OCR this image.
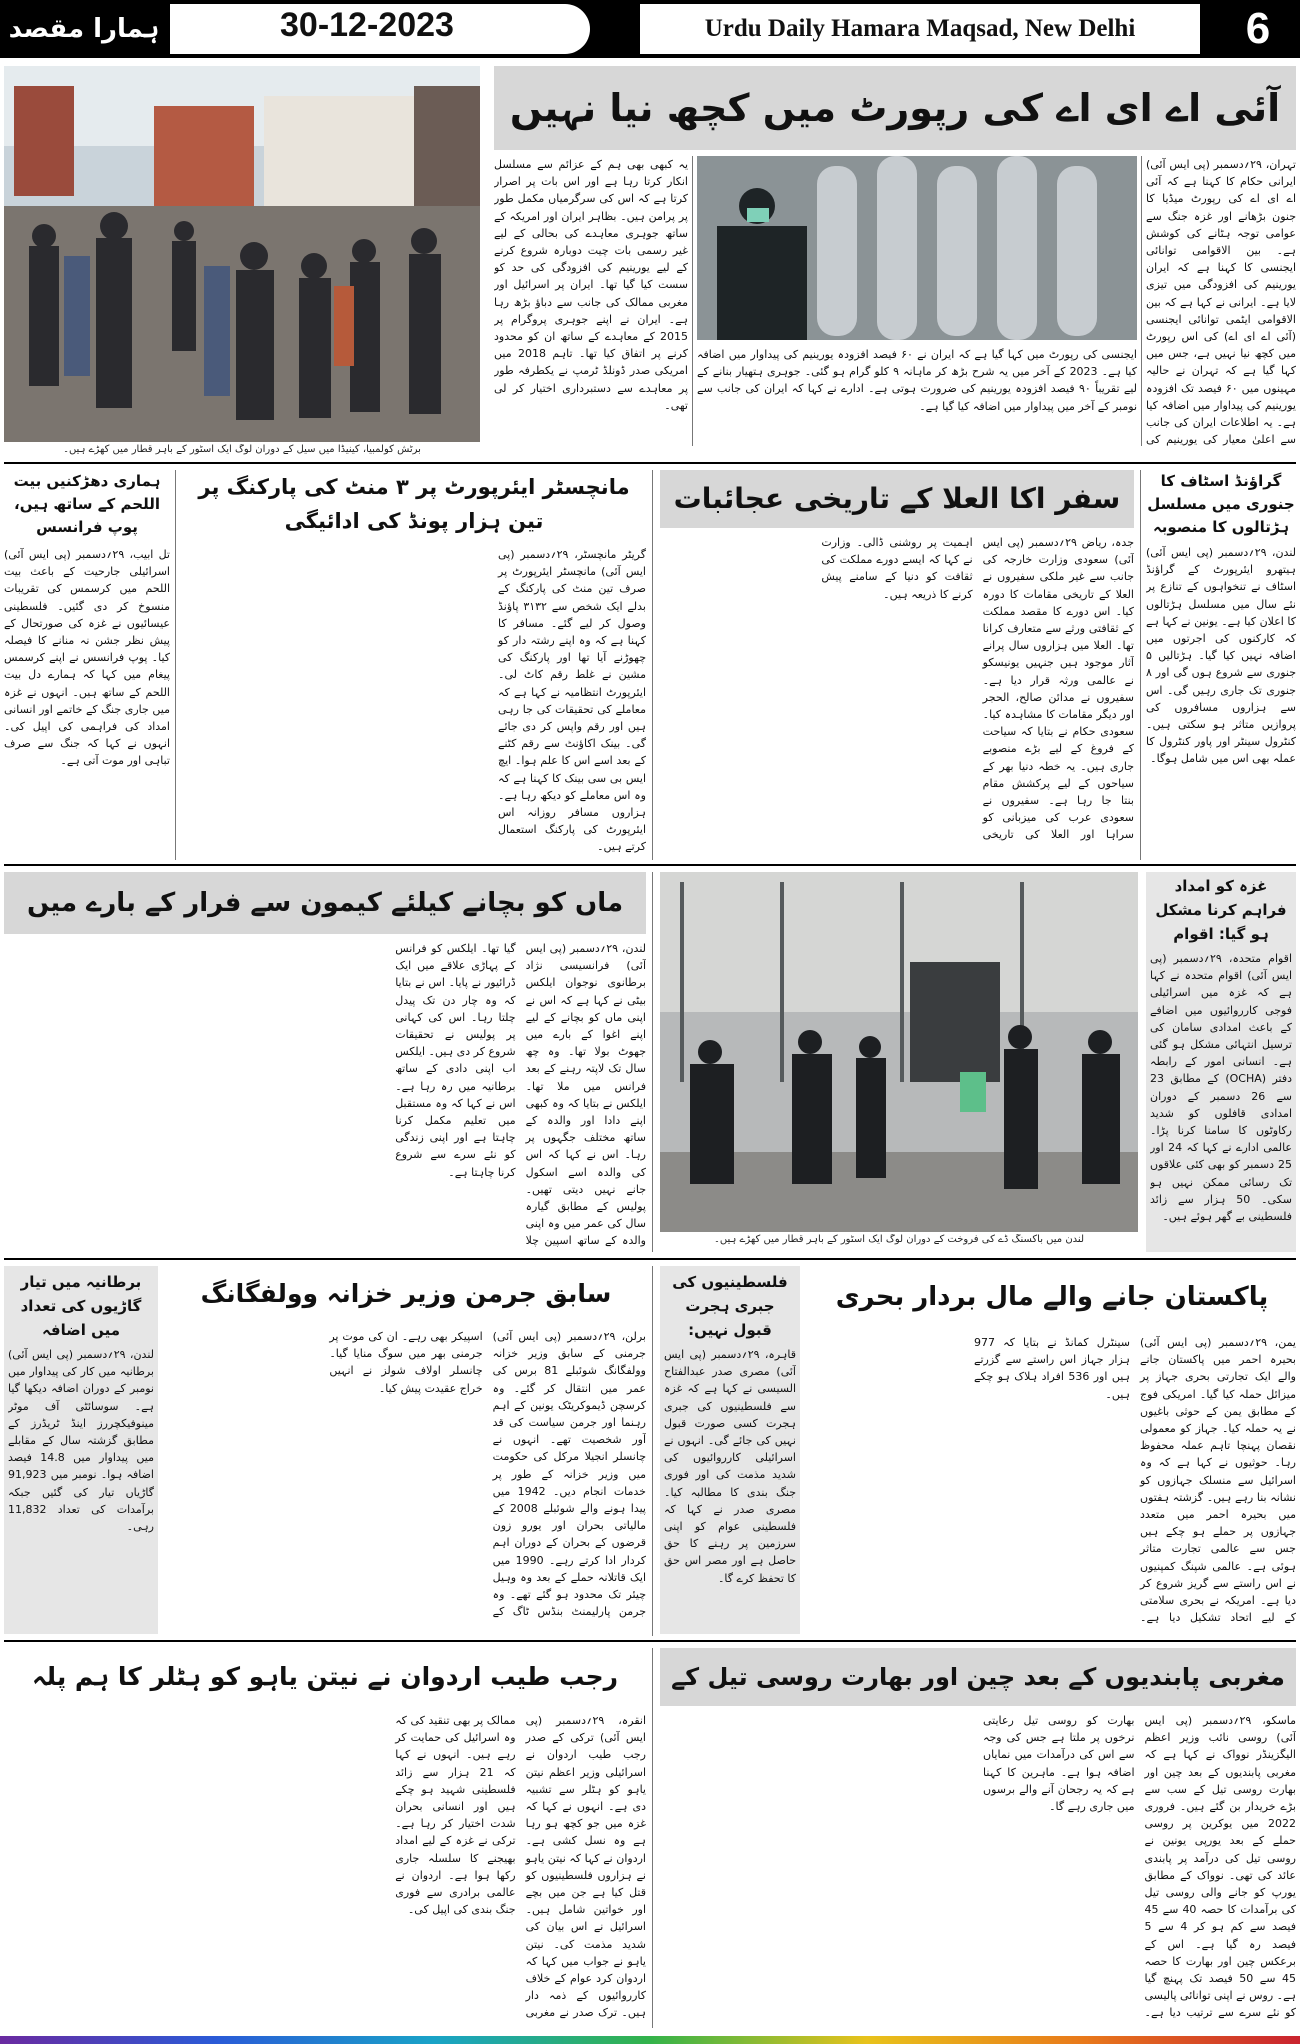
ہمارا مقصد	30-12-2023	Urdu Daily Hamara Maqsad, New Delhi	6
برٹش کولمبیا، کینیڈا میں سیل کے دوران لوگ ایک اسٹور کے باہر قطار میں کھڑے ہیں۔
آئی اے ای اے کی رپورٹ میں کچھ نیا نہیں
تہران، ۲۹؍دسمبر (پی ایس آئی) ایرانی حکام کا کہنا ہے کہ آئی اے ای اے کی رپورٹ میڈیا کا جنون بڑھانے اور غزہ جنگ سے عوامی توجہ ہٹانے کی کوشش ہے۔ بین الاقوامی توانائی ایجنسی کا کہنا ہے کہ ایران یورینیم کی افزودگی میں تیزی لایا ہے۔ ایرانی نے کہا ہے کہ بین الاقوامی ایٹمی توانائی ایجنسی (آئی اے ای اے) کی اس رپورٹ میں کچھ نیا نہیں ہے، جس میں کہا گیا ہے کہ تہران نے حالیہ مہینوں میں ۶۰ فیصد تک افزودہ یورینیم کی پیداوار میں اضافہ کیا ہے۔ یہ اطلاعات ایران کی جانب سے اعلیٰ معیار کی یورینیم کی
ایجنسی کی رپورٹ میں کہا گیا ہے کہ ایران نے ۶۰ فیصد افزودہ یورینیم کی پیداوار میں اضافہ کیا ہے۔ 2023 کے آخر میں یہ شرح بڑھ کر ماہانہ ۹ کلو گرام ہو گئی۔ جوہری ہتھیار بنانے کے لیے تقریباً ۹۰ فیصد افزودہ یورینیم کی ضرورت ہوتی ہے۔ ادارے نے کہا کہ ایران کی جانب سے نومبر کے آخر میں پیداوار میں اضافہ کیا گیا ہے۔
یہ کبھی بھی ہم کے عزائم سے مسلسل انکار کرتا رہا ہے اور اس بات پر اصرار کرتا ہے کہ اس کی سرگرمیاں مکمل طور پر پرامن ہیں۔ بظاہر ایران اور امریکہ کے ساتھ جوہری معاہدے کی بحالی کے لیے غیر رسمی بات چیت دوبارہ شروع کرنے کے لیے یورینیم کی افزودگی کی حد کو سست کیا گیا تھا۔ ایران پر اسرائیل اور مغربی ممالک کی جانب سے دباؤ بڑھ رہا ہے۔ ایران نے اپنے جوہری پروگرام پر 2015 کے معاہدے کے ساتھ ان کو محدود کرنے پر اتفاق کیا تھا۔ تاہم 2018 میں امریکی صدر ڈونلڈ ٹرمپ نے یکطرفہ طور پر معاہدے سے دستبرداری اختیار کر لی تھی۔
گراؤنڈ اسٹاف کا جنوری میں مسلسل ہڑتالوں کا منصوبہ
لندن، ۲۹؍دسمبر (پی ایس آئی) ہیتھرو ایئرپورٹ کے گراؤنڈ اسٹاف نے تنخواہوں کے تنازع پر نئے سال میں مسلسل ہڑتالوں کا اعلان کیا ہے۔ یونین نے کہا ہے کہ کارکنوں کی اجرتوں میں اضافہ نہیں کیا گیا۔ ہڑتالیں ۵ جنوری سے شروع ہوں گی اور ۸ جنوری تک جاری رہیں گی۔ اس سے ہزاروں مسافروں کی پروازیں متاثر ہو سکتی ہیں۔ کنٹرول سینٹر اور پاور کنٹرول کا عملہ بھی اس میں شامل ہوگا۔
سفر اکا العلا کے تاریخی عجائبات
جدہ، ریاض ۲۹؍دسمبر (پی ایس آئی) سعودی وزارت خارجہ کی جانب سے غیر ملکی سفیروں نے العلا کے تاریخی مقامات کا دورہ کیا۔ اس دورے کا مقصد مملکت کے ثقافتی ورثے سے متعارف کرانا تھا۔ العلا میں ہزاروں سال پرانے آثار موجود ہیں جنہیں یونیسکو نے عالمی ورثہ قرار دیا ہے۔ سفیروں نے مدائن صالح، الحجر اور دیگر مقامات کا مشاہدہ کیا۔ سعودی حکام نے بتایا کہ سیاحت کے فروغ کے لیے بڑے منصوبے جاری ہیں۔ یہ خطہ دنیا بھر کے سیاحوں کے لیے پرکشش مقام بنتا جا رہا ہے۔ سفیروں نے سعودی عرب کی میزبانی کو سراہا اور العلا کی تاریخی اہمیت پر روشنی ڈالی۔ وزارت نے کہا کہ ایسے دورے مملکت کی ثقافت کو دنیا کے سامنے پیش کرنے کا ذریعہ ہیں۔
مانچسٹر ایئرپورٹ پر ۳ منٹ کی پارکنگ پر تین ہزار پونڈ کی ادائیگی
گریٹر مانچسٹر، ۲۹؍دسمبر (پی ایس آئی) مانچسٹر ایئرپورٹ پر صرف تین منٹ کی پارکنگ کے بدلے ایک شخص سے ۳۱۳۲ پاؤنڈ وصول کر لیے گئے۔ مسافر کا کہنا ہے کہ وہ اپنے رشتہ دار کو چھوڑنے آیا تھا اور پارکنگ کی مشین نے غلط رقم کاٹ لی۔ ایئرپورٹ انتظامیہ نے کہا ہے کہ معاملے کی تحقیقات کی جا رہی ہیں اور رقم واپس کر دی جائے گی۔ بینک اکاؤنٹ سے رقم کٹنے کے بعد اسے اس کا علم ہوا۔ ایچ ایس بی سی بینک کا کہنا ہے کہ وہ اس معاملے کو دیکھ رہا ہے۔ ہزاروں مسافر روزانہ اس ایئرپورٹ کی پارکنگ استعمال کرتے ہیں۔
ہماری دھڑکنیں بیت اللحم کے ساتھ ہیں، پوپ فرانسس
تل ابیب، ۲۹؍دسمبر (پی ایس آئی) اسرائیلی جارحیت کے باعث بیت اللحم میں کرسمس کی تقریبات منسوخ کر دی گئیں۔ فلسطینی عیسائیوں نے غزہ کی صورتحال کے پیش نظر جشن نہ منانے کا فیصلہ کیا۔ پوپ فرانسس نے اپنے کرسمس پیغام میں کہا کہ ہمارے دل بیت اللحم کے ساتھ ہیں۔ انہوں نے غزہ میں جاری جنگ کے خاتمے اور انسانی امداد کی فراہمی کی اپیل کی۔ انہوں نے کہا کہ جنگ سے صرف تباہی اور موت آتی ہے۔
غزہ کو امداد فراہم کرنا مشکل ہو گیا: اقوام
اقوام متحدہ، ۲۹؍دسمبر (پی ایس آئی) اقوام متحدہ نے کہا ہے کہ غزہ میں اسرائیلی فوجی کارروائیوں میں اضافے کے باعث امدادی سامان کی ترسیل انتہائی مشکل ہو گئی ہے۔ انسانی امور کے رابطہ دفتر (OCHA) کے مطابق 23 سے 26 دسمبر کے دوران امدادی قافلوں کو شدید رکاوٹوں کا سامنا کرنا پڑا۔ عالمی ادارے نے کہا کہ 24 اور 25 دسمبر کو بھی کئی علاقوں تک رسائی ممکن نہیں ہو سکی۔ 50 ہزار سے زائد فلسطینی بے گھر ہوئے ہیں۔
لندن میں باکسنگ ڈے کی فروخت کے دوران لوگ ایک اسٹور کے باہر قطار میں کھڑے ہیں۔
ماں کو بچانے کیلئے کیمون سے فرار کے بارے میں
لندن، ۲۹؍دسمبر (پی ایس آئی) فرانسیسی نژاد برطانوی نوجوان ایلکس بیٹی نے کہا ہے کہ اس نے اپنی ماں کو بچانے کے لیے اپنے اغوا کے بارے میں جھوٹ بولا تھا۔ وہ چھ سال تک لاپتہ رہنے کے بعد فرانس میں ملا تھا۔ ایلکس نے بتایا کہ وہ کبھی اپنے دادا اور والدہ کے ساتھ مختلف جگہوں پر رہا۔ اس نے کہا کہ اس کی والدہ اسے اسکول جانے نہیں دیتی تھیں۔ پولیس کے مطابق گیارہ سال کی عمر میں وہ اپنی والدہ کے ساتھ اسپین چلا گیا تھا۔ ایلکس کو فرانس کے پہاڑی علاقے میں ایک ڈرائیور نے پایا۔ اس نے بتایا کہ وہ چار دن تک پیدل چلتا رہا۔ اس کی کہانی پر پولیس نے تحقیقات شروع کر دی ہیں۔ ایلکس اب اپنی دادی کے ساتھ برطانیہ میں رہ رہا ہے۔ اس نے کہا کہ وہ مستقبل میں تعلیم مکمل کرنا چاہتا ہے اور اپنی زندگی کو نئے سرے سے شروع کرنا چاہتا ہے۔
پاکستان جانے والے مال بردار بحری
یمن، ۲۹؍دسمبر (پی ایس آئی) بحیرہ احمر میں پاکستان جانے والے ایک تجارتی بحری جہاز پر میزائل حملہ کیا گیا۔ امریکی فوج کے مطابق یمن کے حوثی باغیوں نے یہ حملہ کیا۔ جہاز کو معمولی نقصان پہنچا تاہم عملہ محفوظ رہا۔ حوثیوں نے کہا ہے کہ وہ اسرائیل سے منسلک جہازوں کو نشانہ بنا رہے ہیں۔ گزشتہ ہفتوں میں بحیرہ احمر میں متعدد جہازوں پر حملے ہو چکے ہیں جس سے عالمی تجارت متاثر ہوئی ہے۔ عالمی شپنگ کمپنیوں نے اس راستے سے گریز شروع کر دیا ہے۔ امریکہ نے بحری سلامتی کے لیے اتحاد تشکیل دیا ہے۔ سینٹرل کمانڈ نے بتایا کہ 977 ہزار جہاز اس راستے سے گزرتے ہیں اور 536 افراد ہلاک ہو چکے ہیں۔
فلسطینیوں کی جبری ہجرت قبول نہیں:
قاہرہ، ۲۹؍دسمبر (پی ایس آئی) مصری صدر عبدالفتاح السیسی نے کہا ہے کہ غزہ سے فلسطینیوں کی جبری ہجرت کسی صورت قبول نہیں کی جائے گی۔ انہوں نے اسرائیلی کارروائیوں کی شدید مذمت کی اور فوری جنگ بندی کا مطالبہ کیا۔ مصری صدر نے کہا کہ فلسطینی عوام کو اپنی سرزمین پر رہنے کا حق حاصل ہے اور مصر اس حق کا تحفظ کرے گا۔
سابق جرمن وزیر خزانہ وولفگانگ
برلن، ۲۹؍دسمبر (پی ایس آئی) جرمنی کے سابق وزیر خزانہ وولفگانگ شوئبلے 81 برس کی عمر میں انتقال کر گئے۔ وہ کرسچن ڈیموکریٹک یونین کے اہم رہنما اور جرمن سیاست کی قد آور شخصیت تھے۔ انہوں نے چانسلر انجیلا مرکل کی حکومت میں وزیر خزانہ کے طور پر خدمات انجام دیں۔ 1942 میں پیدا ہونے والے شوئبلے 2008 کے مالیاتی بحران اور یورو زون قرضوں کے بحران کے دوران اہم کردار ادا کرتے رہے۔ 1990 میں ایک قاتلانہ حملے کے بعد وہ وہیل چیئر تک محدود ہو گئے تھے۔ وہ جرمن پارلیمنٹ بنڈس ٹاگ کے اسپیکر بھی رہے۔ ان کی موت پر جرمنی بھر میں سوگ منایا گیا۔ چانسلر اولاف شولز نے انہیں خراج عقیدت پیش کیا۔
برطانیہ میں تیار گاڑیوں کی تعداد میں اضافہ
لندن، ۲۹؍دسمبر (پی ایس آئی) برطانیہ میں کار کی پیداوار میں نومبر کے دوران اضافہ دیکھا گیا ہے۔ سوسائٹی آف موٹر مینوفیکچررز اینڈ ٹریڈرز کے مطابق گزشتہ سال کے مقابلے میں پیداوار میں 14.8 فیصد اضافہ ہوا۔ نومبر میں 91,923 گاڑیاں تیار کی گئیں جبکہ برآمدات کی تعداد 11,832 رہی۔
مغربی پابندیوں کے بعد چین اور بھارت روسی تیل کے
ماسکو، ۲۹؍دسمبر (پی ایس آئی) روسی نائب وزیر اعظم الیگزینڈر نوواک نے کہا ہے کہ مغربی پابندیوں کے بعد چین اور بھارت روسی تیل کے سب سے بڑے خریدار بن گئے ہیں۔ فروری 2022 میں یوکرین پر روسی حملے کے بعد یورپی یونین نے روسی تیل کی درآمد پر پابندی عائد کی تھی۔ نوواک کے مطابق یورپ کو جانے والی روسی تیل کی برآمدات کا حصہ 40 سے 45 فیصد سے کم ہو کر 4 سے 5 فیصد رہ گیا ہے۔ اس کے برعکس چین اور بھارت کا حصہ 45 سے 50 فیصد تک پہنچ گیا ہے۔ روس نے اپنی توانائی پالیسی کو نئے سرے سے ترتیب دیا ہے۔ بھارت کو روسی تیل رعایتی نرخوں پر ملتا ہے جس کی وجہ سے اس کی درآمدات میں نمایاں اضافہ ہوا ہے۔ ماہرین کا کہنا ہے کہ یہ رجحان آنے والے برسوں میں جاری رہے گا۔
رجب طیب اردوان نے نیتن یاہو کو ہٹلر کا ہم پلہ
انقرہ، ۲۹؍دسمبر (پی ایس آئی) ترکی کے صدر رجب طیب اردوان نے اسرائیلی وزیر اعظم نیتن یاہو کو ہٹلر سے تشبیہ دی ہے۔ انہوں نے کہا کہ غزہ میں جو کچھ ہو رہا ہے وہ نسل کشی ہے۔ اردوان نے کہا کہ نیتن یاہو نے ہزاروں فلسطینیوں کو قتل کیا ہے جن میں بچے اور خواتین شامل ہیں۔ اسرائیل نے اس بیان کی شدید مذمت کی۔ نیتن یاہو نے جواب میں کہا کہ اردوان کرد عوام کے خلاف کارروائیوں کے ذمہ دار ہیں۔ ترک صدر نے مغربی ممالک پر بھی تنقید کی کہ وہ اسرائیل کی حمایت کر رہے ہیں۔ انہوں نے کہا کہ 21 ہزار سے زائد فلسطینی شہید ہو چکے ہیں اور انسانی بحران شدت اختیار کر رہا ہے۔ ترکی نے غزہ کے لیے امداد بھیجنے کا سلسلہ جاری رکھا ہوا ہے۔ اردوان نے عالمی برادری سے فوری جنگ بندی کی اپیل کی۔
